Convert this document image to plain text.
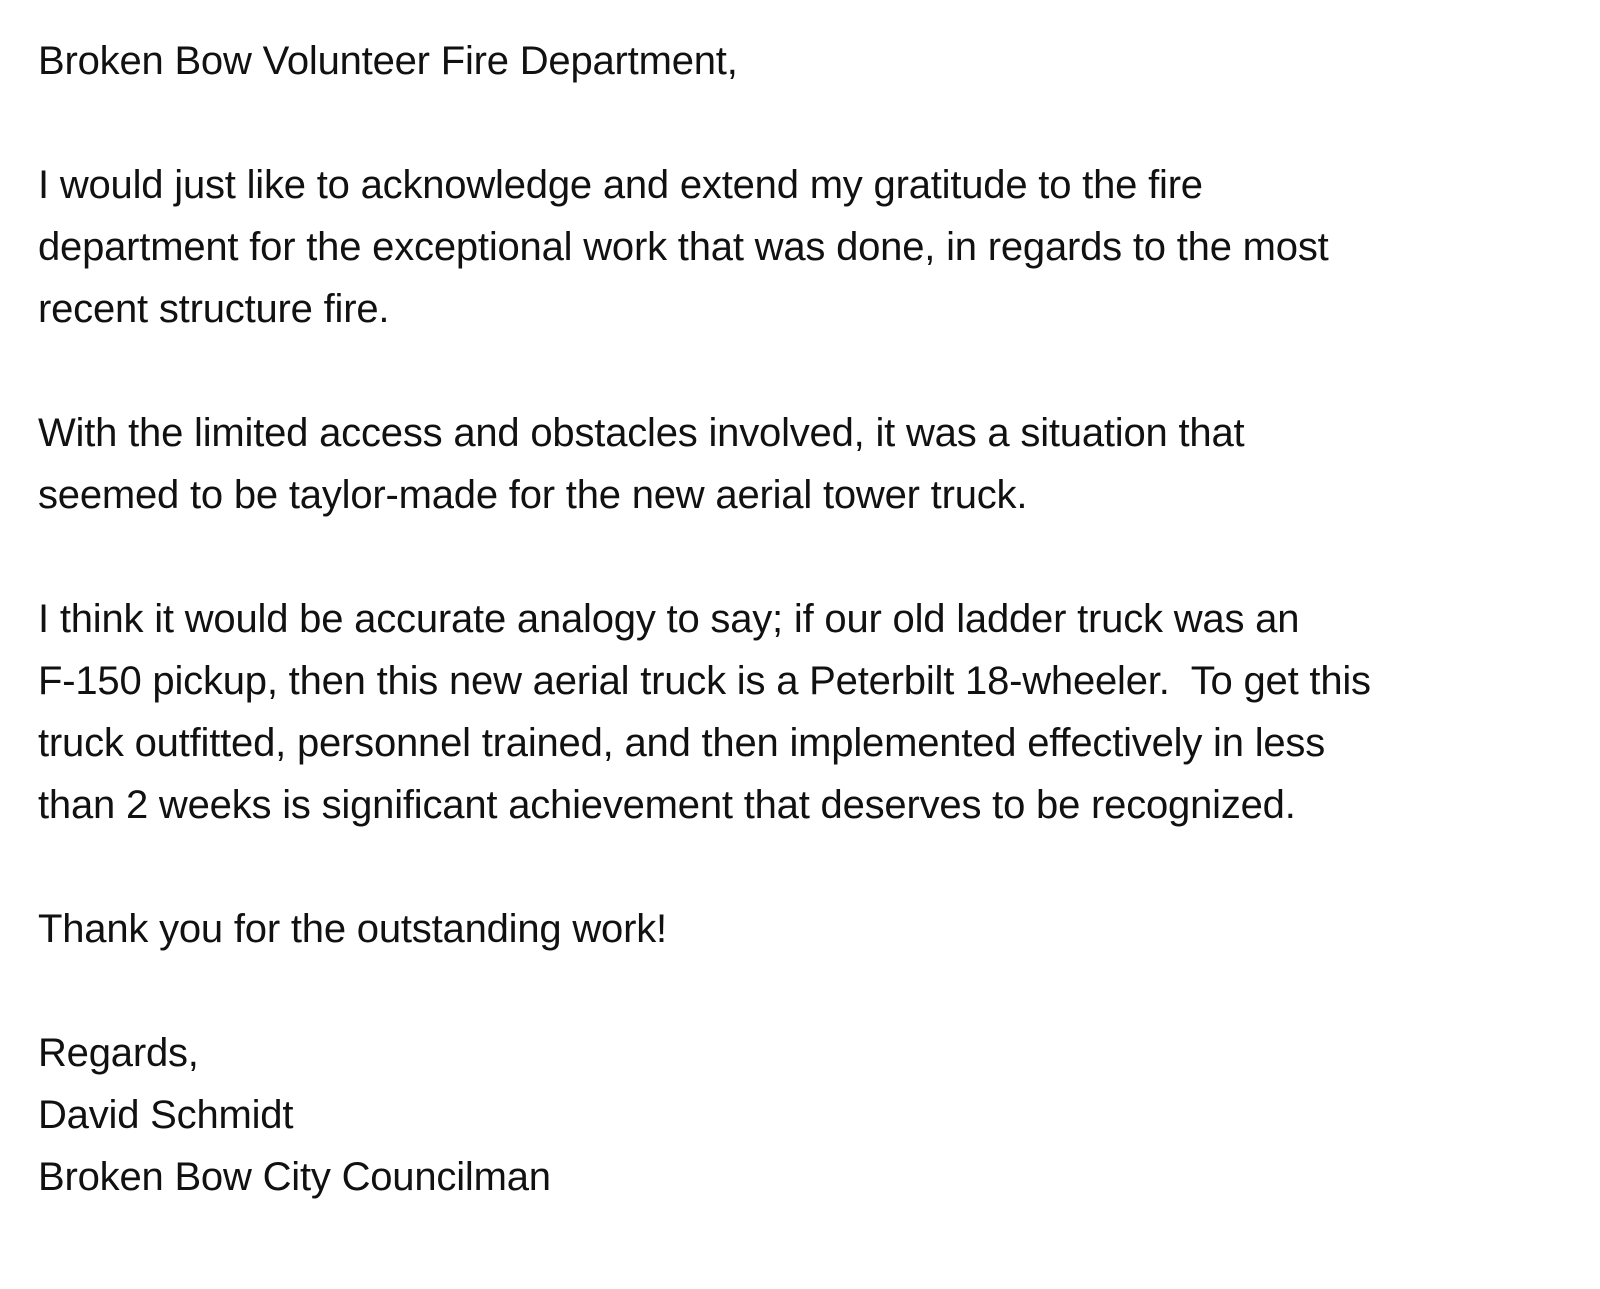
Broken Bow Volunteer Fire Department,
I would just like to acknowledge and extend my gratitude to the fire
department for the exceptional work that was done, in regards to the most
recent structure fire.
With the limited access and obstacles involved, it was a situation that
seemed to be taylor-made for the new aerial tower truck.
I think it would be accurate analogy to say; if our old ladder truck was an
F-150 pickup, then this new aerial truck is a Peterbilt 18-wheeler.  To get this
truck outfitted, personnel trained, and then implemented effectively in less
than 2 weeks is significant achievement that deserves to be recognized.
Thank you for the outstanding work!
Regards,
David Schmidt
Broken Bow City Councilman
